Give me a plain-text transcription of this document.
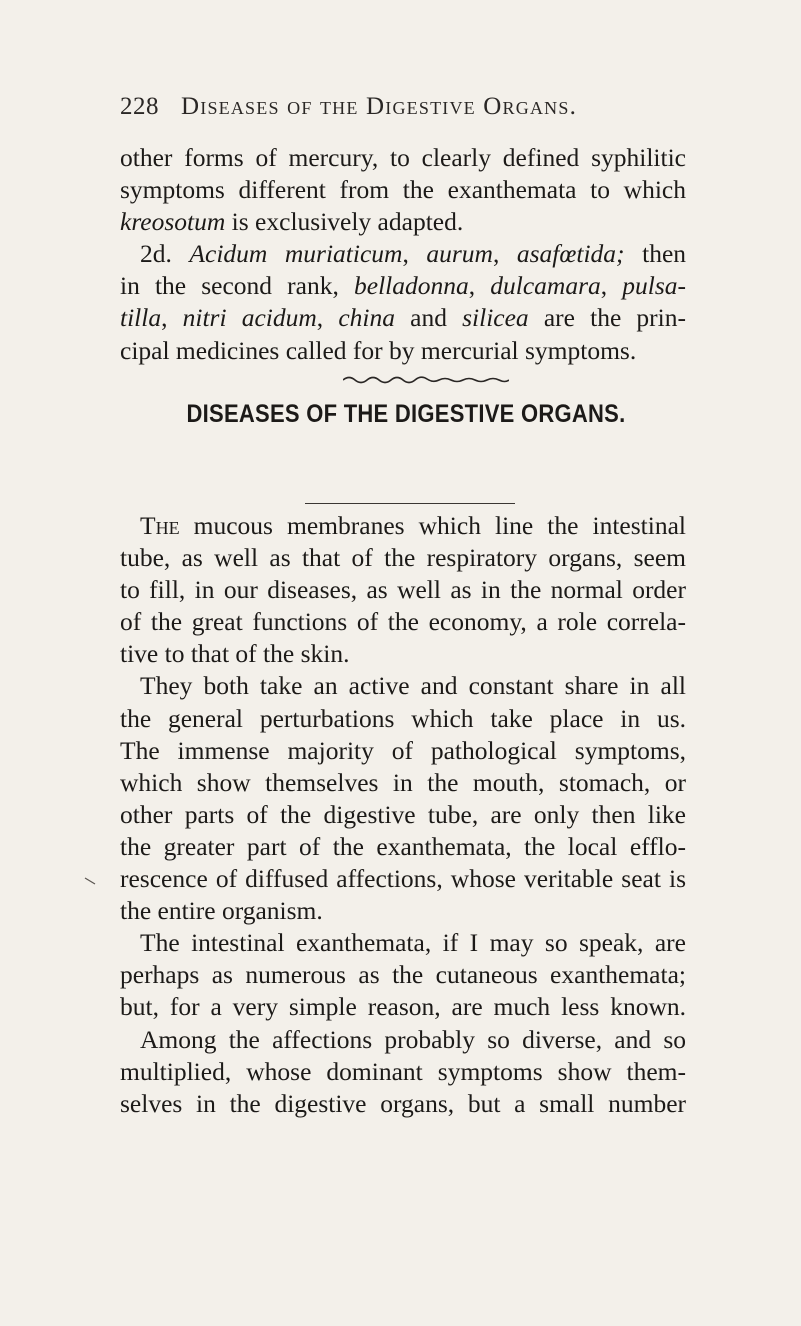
228 Diseases of the Digestive Organs.
other forms of mercury, to clearly defined syphilitic
symptoms different from the exanthemata to which
kreosotum is exclusively adapted.
2d. Acidum muriaticum, aurum, asafœtida; then
in the second rank, belladonna, dulcamara, pulsa-
tilla, nitri acidum, china and silicea are the prin-
cipal medicines called for by mercurial symptoms.
DISEASES OF THE DIGESTIVE ORGANS.
The mucous membranes which line the intestinal
tube, as well as that of the respiratory organs, seem
to fill, in our diseases, as well as in the normal order
of the great functions of the economy, a role correla-
tive to that of the skin.
They both take an active and constant share in all
the general perturbations which take place in us.
The immense majority of pathological symptoms,
which show themselves in the mouth, stomach, or
other parts of the digestive tube, are only then like
the greater part of the exanthemata, the local efflo-
rescence of diffused affections, whose veritable seat is
the entire organism.
The intestinal exanthemata, if I may so speak, are
perhaps as numerous as the cutaneous exanthemata;
but, for a very simple reason, are much less known.
Among the affections probably so diverse, and so
multiplied, whose dominant symptoms show them-
selves in the digestive organs, but a small number
